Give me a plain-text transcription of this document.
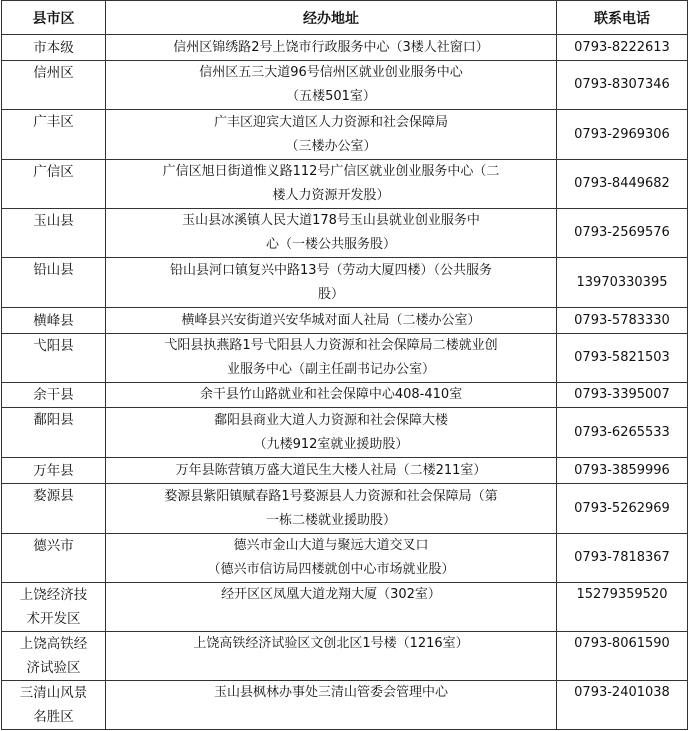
县市区	经办地址	联系电话

市本级	信州区锦绣路2号上饶市行政服务中心（3楼人社窗口）	0793-8222613

信州区	信州区五三大道96号信州区就业创业服务中心
（五楼501室）	0793-8307346

广丰区	广丰区迎宾大道区人力资源和社会保障局
（三楼办公室）	0793-2969306

广信区	广信区旭日街道惟义路112号广信区就业创业服务中心（二
楼人力资源开发股）	0793-8449682

玉山县	玉山县冰溪镇人民大道178号玉山县就业创业服务中
心（一楼公共服务股）	0793-2569576

铅山县	铅山县河口镇复兴中路13号（劳动大厦四楼）（公共服务
股）	13970330395

横峰县	横峰县兴安街道兴安华城对面人社局（二楼办公室）	0793-5783330

弋阳县	弋阳县执燕路1号弋阳县人力资源和社会保障局二楼就业创
业服务中心（副主任副书记办公室）	0793-5821503

余干县	余干县竹山路就业和社会保障中心408-410室	0793-3395007

鄱阳县	鄱阳县商业大道人力资源和社会保障大楼
（九楼912室就业援助股）	0793-6265533

万年县	万年县陈营镇万盛大道民生大楼人社局（二楼211室）	0793-3859996

婺源县	婺源县紫阳镇赋春路1号婺源县人力资源和社会保障局（第
一栋二楼就业援助股）	0793-5262969

德兴市	德兴市金山大道与聚远大道交叉口
（德兴市信访局四楼就创中心市场就业股）	0793-7818367

上饶经济技
术开发区	经开区区凤凰大道龙翔大厦（302室）	15279359520

上饶高铁经
济试验区	上饶高铁经济试验区文创北区1号楼（1216室）	0793-8061590

三清山风景
名胜区	玉山县枫林办事处三清山管委会管理中心	0793-2401038
